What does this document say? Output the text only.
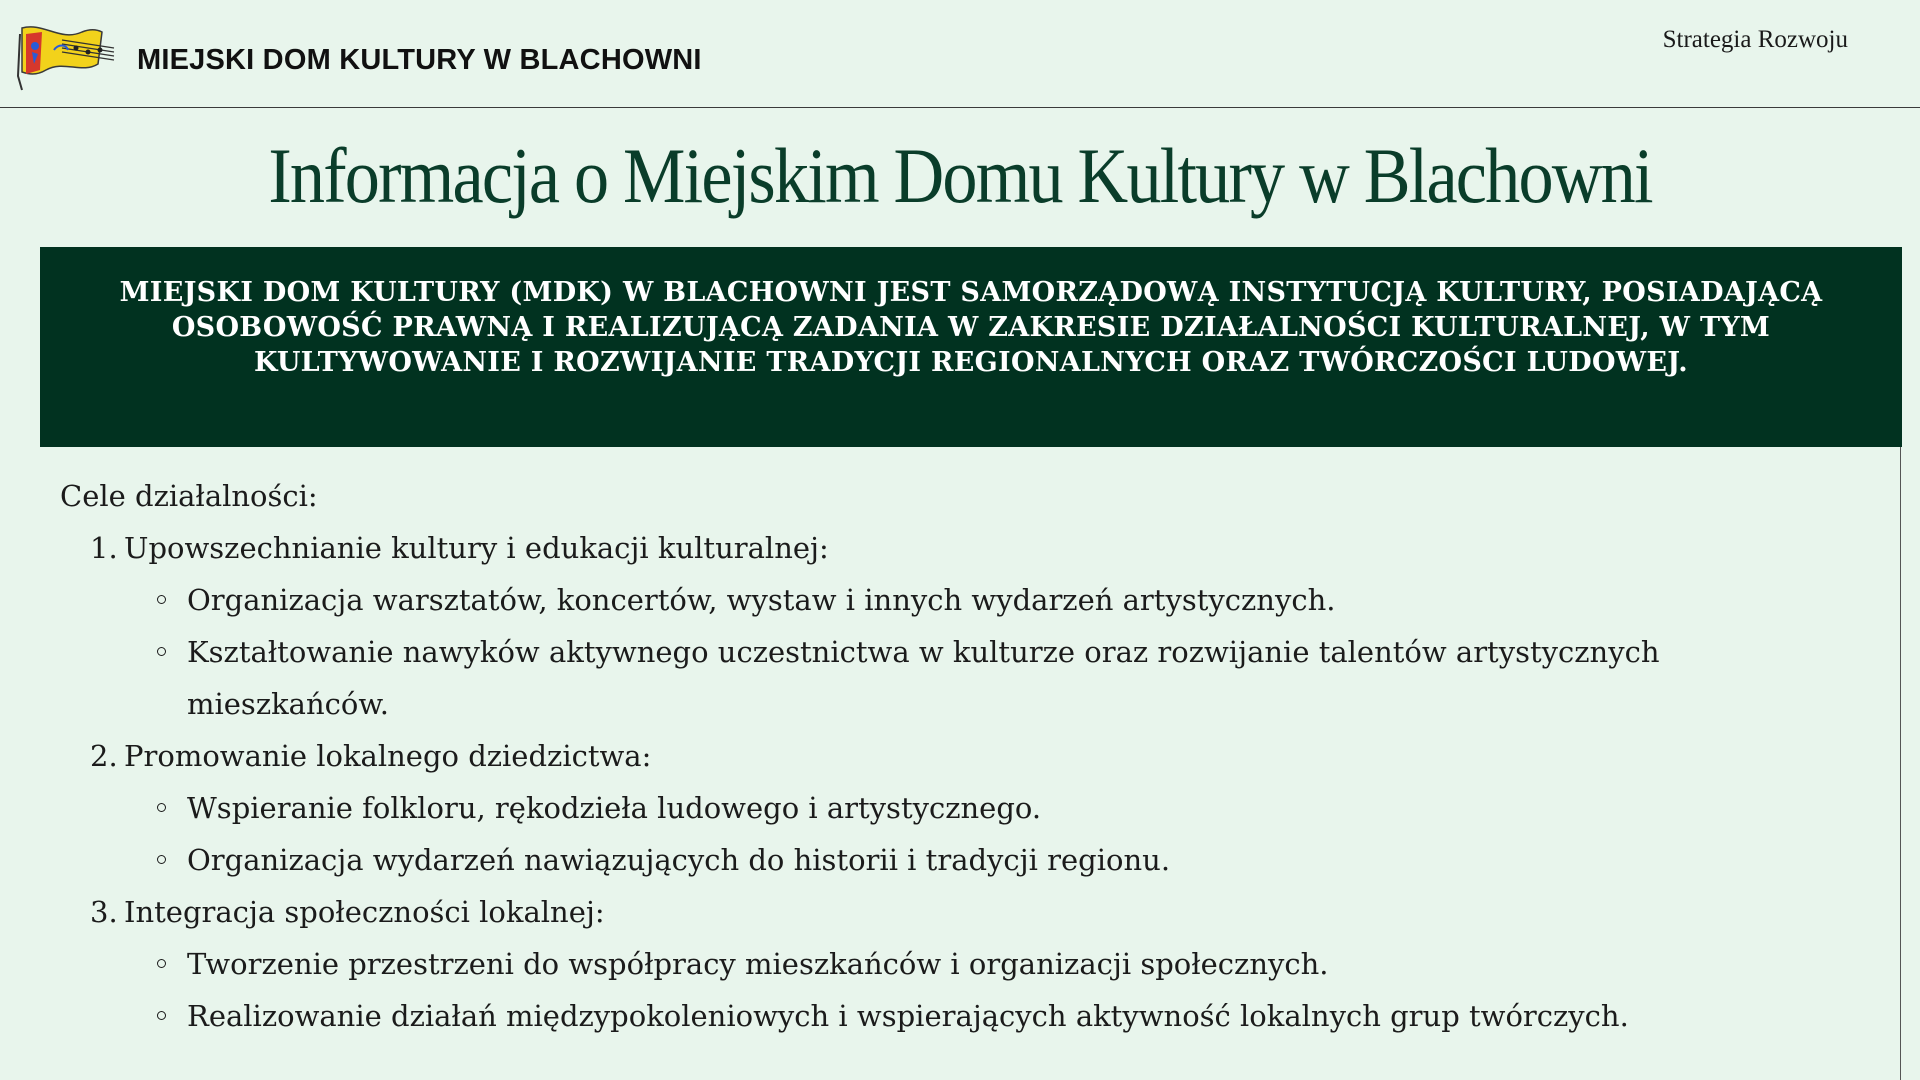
MIEJSKI DOM KULTURY W BLACHOWNI
Strategia Rozwoju
Informacja o Miejskim Domu Kultury w Blachowni
MIEJSKI DOM KULTURY (MDK) W BLACHOWNI JEST SAMORZĄDOWĄ INSTYTUCJĄ KULTURY, POSIADAJĄCĄ OSOBOWOŚĆ PRAWNĄ I REALIZUJĄCĄ ZADANIA W ZAKRESIE DZIAŁALNOŚCI KULTURALNEJ, W TYM KULTYWOWANIE I ROZWIJANIE TRADYCJI REGIONALNYCH ORAZ TWÓRCZOŚCI LUDOWEJ.
Cele działalności:
1. Upowszechnianie kultury i edukacji kulturalnej:
Organizacja warsztatów, koncertów, wystaw i innych wydarzeń artystycznych.
Kształtowanie nawyków aktywnego uczestnictwa w kulturze oraz rozwijanie talentów artystycznych mieszkańców.
2. Promowanie lokalnego dziedzictwa:
Wspieranie folkloru, rękodzieła ludowego i artystycznego.
Organizacja wydarzeń nawiązujących do historii i tradycji regionu.
3. Integracja społeczności lokalnej:
Tworzenie przestrzeni do współpracy mieszkańców i organizacji społecznych.
Realizowanie działań międzypokoleniowych i wspierających aktywność lokalnych grup twórczych.
